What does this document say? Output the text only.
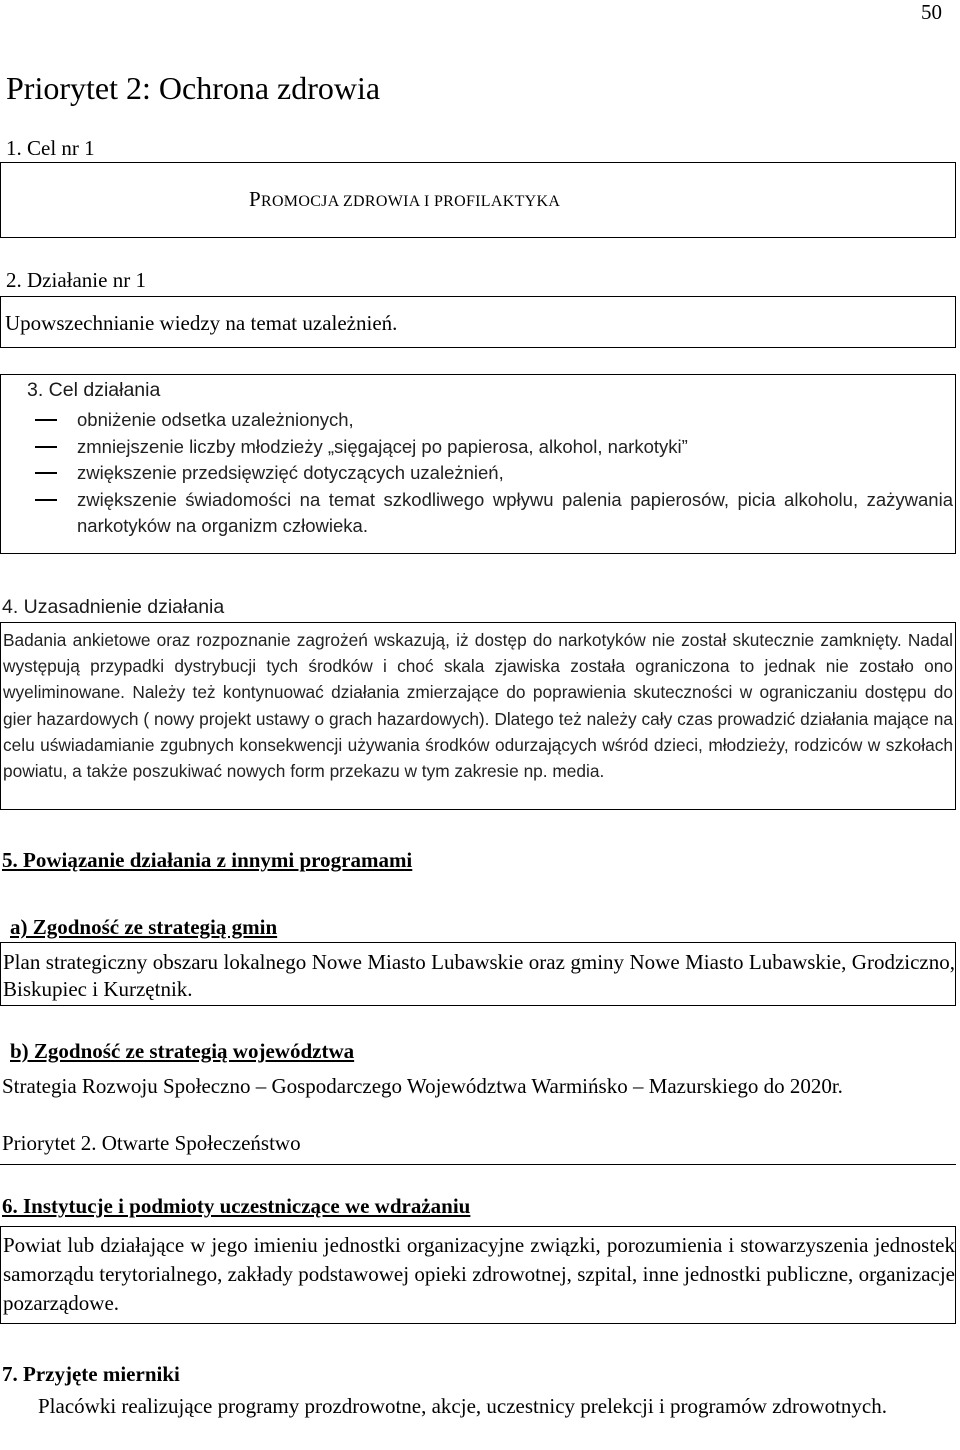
50
Priorytet 2: Ochrona zdrowia
1. Cel nr 1
PROMOCJA ZDROWIA I PROFILAKTYKA
2. Działanie nr 1
Upowszechnianie wiedzy na temat uzależnień.
3. Cel działania
obniżenie odsetka uzależnionych,
zmniejszenie liczby młodzieży „sięgającej po papierosa, alkohol, narkotyki”
zwiększenie przedsięwzięć dotyczących uzależnień,
zwiększenie świadomości na temat szkodliwego wpływu palenia papierosów, picia alkoholu, zażywania narkotyków na organizm człowieka.
4. Uzasadnienie działania
Badania ankietowe oraz rozpoznanie zagrożeń wskazują, iż dostęp do narkotyków nie został skutecznie zamknięty. Nadal występują przypadki dystrybucji tych środków i choć skala zjawiska została ograniczona to jednak nie zostało ono wyeliminowane. Należy też kontynuować działania zmierzające do poprawienia skuteczności w ograniczaniu dostępu do gier hazardowych ( nowy projekt ustawy o grach hazardowych). Dlatego też należy cały czas prowadzić działania mające na celu uświadamianie zgubnych konsekwencji używania środków odurzających wśród dzieci, młodzieży, rodziców w szkołach powiatu, a także poszukiwać nowych form przekazu w tym zakresie np. media.
5. Powiązanie działania z innymi programami
a) Zgodność ze strategią gmin
Plan strategiczny obszaru lokalnego Nowe Miasto Lubawskie oraz gminy Nowe Miasto Lubawskie, Grodziczno, Biskupiec i Kurzętnik.
b) Zgodność ze strategią województwa
Strategia Rozwoju Społeczno – Gospodarczego Województwa Warmińsko – Mazurskiego do 2020r.
Priorytet 2. Otwarte Społeczeństwo
6. Instytucje i podmioty uczestniczące we wdrażaniu
Powiat lub działające w jego imieniu jednostki organizacyjne związki, porozumienia i stowarzyszenia jednostek samorządu terytorialnego, zakłady podstawowej opieki zdrowotnej, szpital, inne jednostki publiczne, organizacje pozarządowe.
7. Przyjęte mierniki
Placówki realizujące programy prozdrowotne, akcje, uczestnicy prelekcji i programów zdrowotnych.
